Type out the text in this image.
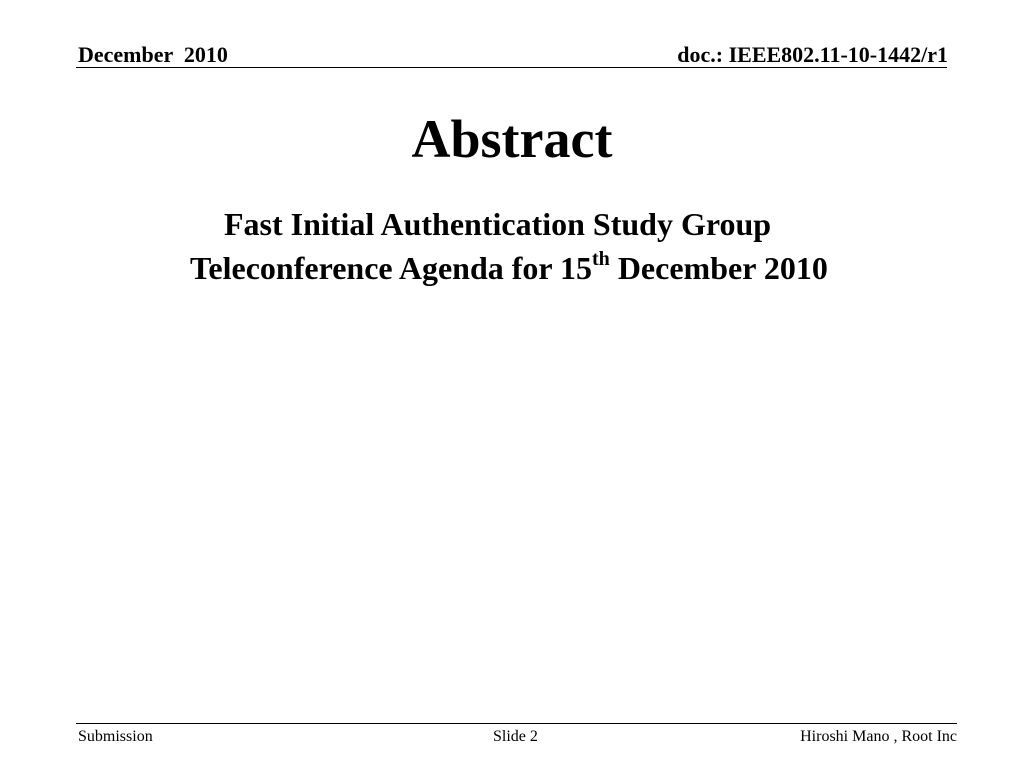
December  2010	doc.: IEEE802.11-10-1442/r1
Abstract
Fast Initial Authentication Study Group
Teleconference Agenda for 15th December 2010
Submission	Slide 2	Hiroshi Mano , Root Inc
